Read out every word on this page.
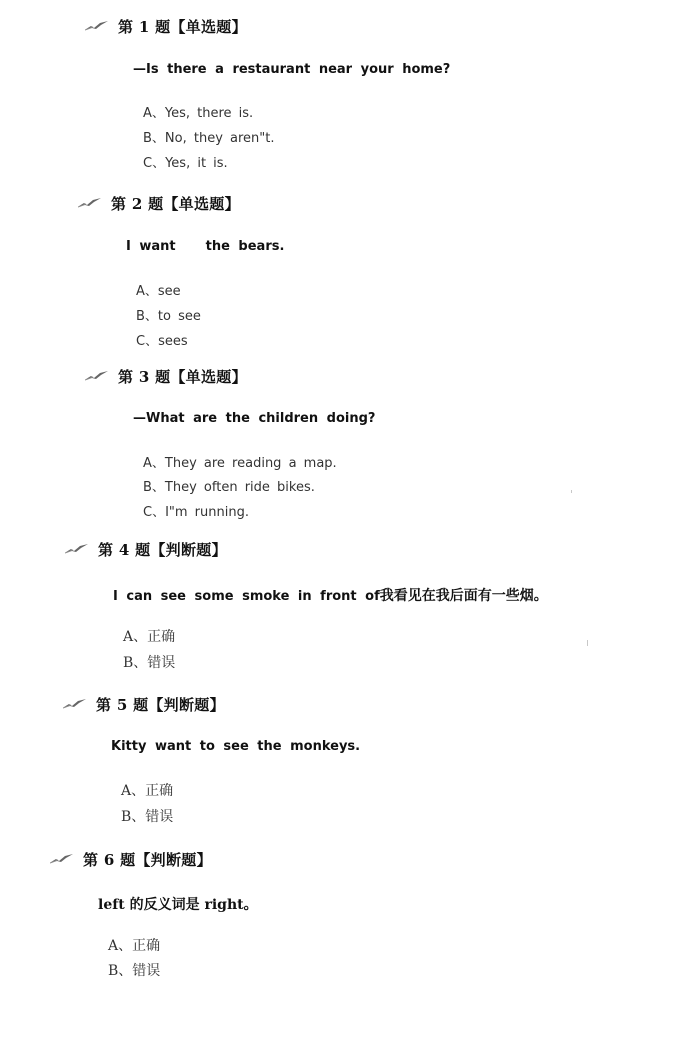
第 1 题【单选题】
—Is there a restaurant near your home?
A、Yes, there is.
B、No, they aren"t.
C、Yes, it is.
第 2 题【单选题】
I want the bears.
A、see
B、to see
C、sees
第 3 题【单选题】
—What are the children doing?
A、They are reading a map.
B、They often ride bikes.
C、I"m running.
第 4 题【判断题】
I can see some smoke in front of我看见在我后面有一些烟。
A、正确
B、错误
第 5 题【判断题】
Kitty want to see the monkeys.
A、正确
B、错误
第 6 题【判断题】
left 的反义词是 right。
A、正确
B、错误
